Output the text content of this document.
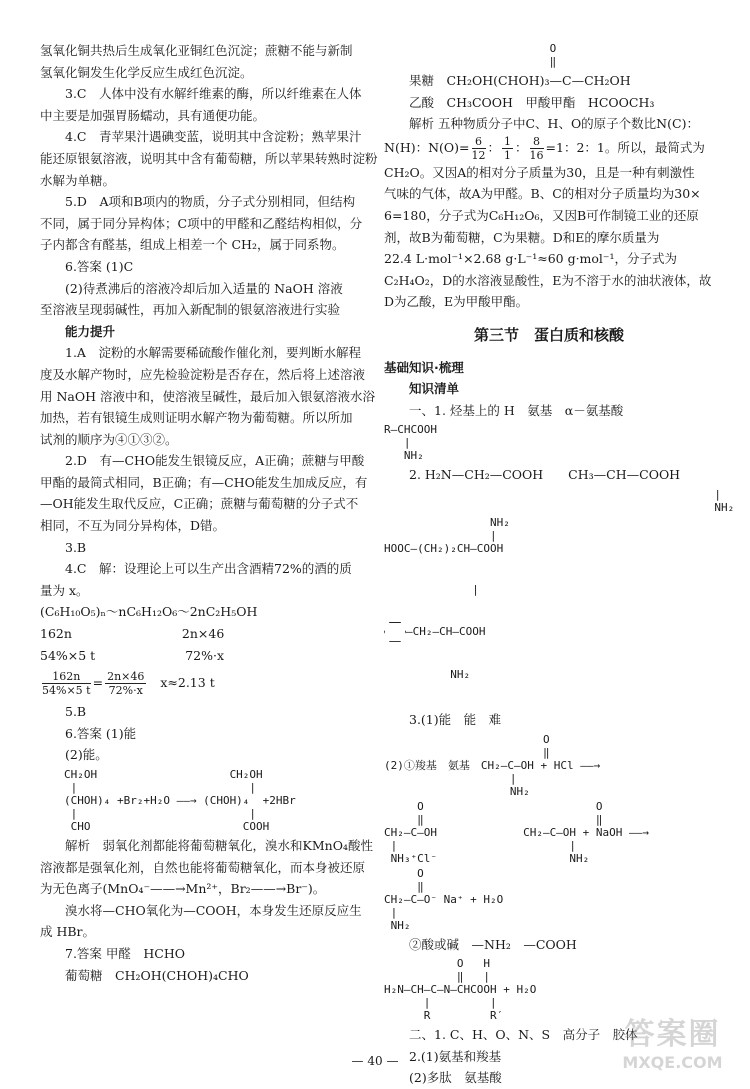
氢氧化铜共热后生成氧化亚铜红色沉淀；蔗糖不能与新制

氢氧化铜发生化学反应生成红色沉淀。

3.C　人体中没有水解纤维素的酶，所以纤维素在人体

中主要是加强胃肠蠕动，具有通便功能。

4.C　青苹果汁遇碘变蓝，说明其中含淀粉；熟苹果汁

能还原银氨溶液，说明其中含有葡萄糖，所以苹果转熟时淀粉

水解为单糖。

5.D　A项和B项内的物质，分子式分别相同，但结构

不同，属于同分异构体；C项中的甲醛和乙醛结构相似，分

子内都含有醛基，组成上相差一个 CH₂，属于同系物。

6.答案 (1)C

(2)待煮沸后的溶液冷却后加入适量的 NaOH 溶液

至溶液呈现弱碱性，再加入新配制的银氨溶液进行实验

能力提升

1.A　淀粉的水解需要稀硫酸作催化剂，要判断水解程

度及水解产物时，应先检验淀粉是否存在，然后将上述溶液

用 NaOH 溶液中和，使溶液呈碱性，最后加入银氨溶液水浴

加热，若有银镜生成则证明水解产物为葡萄糖。所以所加

试剂的顺序为④①③②。

2.D　有—CHO能发生银镜反应，A正确；蔗糖与甲酸

甲酯的最简式相同，B正确；有—CHO能发生加成反应，有

—OH能发生取代反应，C正确；蔗糖与葡萄糖的分子式不

相同，不互为同分异构体，D错。

3.B

4.C　解：设理论上可以生产出含酒精72%的酒的质

量为 x。

(C₆H₁₀O₅)ₙ～nC₆H₁₂O₆～2nC₂H₅OH

162n	2n×46

54%×5 t	72%·x

$\frac{162n}{54\%\times 5 t} = \frac{2n\times 46}{72\%\cdot x} x\approx 2.13$ t

5.B

6.答案 (1)能

(2)能。

CH₂OH                    CH₂OH
|                          |
(CHOH)₄ +Br₂+H₂O ——→ (CHOH)₄  +2HBr
|                          |
CHO                       COOH

解析　弱氧化剂都能将葡萄糖氧化，溴水和KMnO₄酸性

溶液都是强氧化剂，自然也能将葡萄糖氧化，而本身被还原

为无色离子(MnO₄⁻——→Mn²⁺，Br₂——→Br⁻)。

溴水将—CHO氧化为—COOH，本身发生还原反应生

成 HBr。

7.答案 甲醛　HCHO

葡萄糖　CH₂OH(CHOH)₄CHO

O
‖

果糖　CH₂OH(CHOH)₃—C—CH₂OH

乙酸　CH₃COOH　甲酸甲酯　HCOOCH₃

解析 五种物质分子中C、H、O的原子个数比N(C)：

N(H)：$N(O)= \frac{6}{12}$ ： $\frac{1}{1}$ ： $\frac{8}{16} =1$：2：1。所以，最简式为

CH₂O。又因A的相对分子质量为30，且是一种有刺激性

气味的气体，故A为甲醛。B、C的相对分子质量均为30×

6=180，分子式为C₆H₁₂O₆，又因B可作制镜工业的还原

剂，故B为葡萄糖，C为果糖。D和E的摩尔质量为

22.4 L·mol⁻¹×2.68 g·L⁻¹≈60 g·mol⁻¹，分子式为

C₂H₄O₂，D的水溶液显酸性，E为不溶于水的油状液体，故

D为乙酸，E为甲酸甲酯。

第三节　蛋白质和核酸

基础知识·梳理

知识清单

一、1. 烃基上的 H　氨基　α－氨基酸

R—CHCOOH
|
NH₂

2. H₂N—CH₂—COOH　　CH₃—CH—COOH

|
NH₂
NH₂
|
HOOC—(CH₂)₂CH—COOH

|

—CH₂—CH—COOH

NH₂

3.(1)能　能　难

O
‖
(2)①羧基　氨基　CH₂—C—OH + HCl ——→
|
NH₂
O                          O
‖                          ‖
CH₂—C—OH             CH₂—C—OH + NaOH ——→
|                          |
NH₃⁺Cl⁻                    NH₂
O
‖
CH₂—C—O⁻ Na⁺ + H₂O
|
NH₂

②酸或碱　—NH₂　—COOH

O   H
‖   |
H₂N—CH—C—N—CHCOOH + H₂O
|         |
R         R′

二、1. C、H、O、N、S　高分子　胶体

2.(1)氨基和羧基

(2)多肽　氨基酸

— 40 —
答案圈
MXQE.COM
